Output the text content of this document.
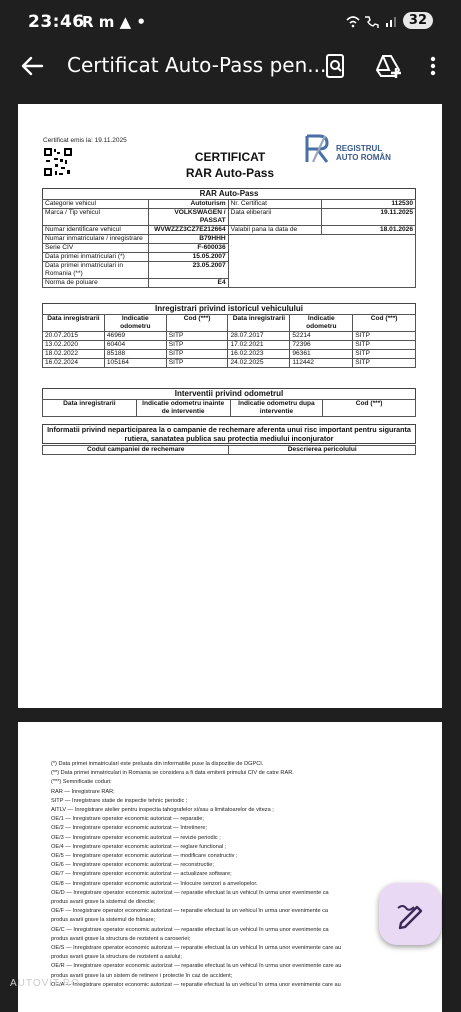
23:46
R ⅿ ▲ •	32
Certificat Auto-Pass pen...
Certificat emis la: 19.11.2025
CERTIFICAT
RAR Auto-Pass
REGISTRUL
AUTO ROMÂN
RAR Auto-Pass
Categorie vehicul	Autoturism	Nr. Certificat	112530
Marca / Tip vehicul	VOLKSWAGEN / PASSAT	Data eliberarii	19.11.2025
Numar identificare vehicul	WVWZZZ3CZ7E212664	Valabil pana la data de	18.01.2026
Numar inmatriculare / inregistrare	B79HHH		
Serie CIV	F-600036		
Data primei inmatriculari (*)	15.05.2007		
Data primei inmatriculari in Romania (**)	23.05.2007		
Norma de poluare	E4		
Inregistrari privind istoricul vehiculului
Data inregistrarii	Indicatie odometru	Cod (***)	Data inregistrarii	Indicatie odometru	Cod (***)
20.07.2015	46969	SITP	28.07.2017	52214	SITP
13.02.2020	60404	SITP	17.02.2021	72396	SITP
18.02.2022	85188	SITP	16.02.2023	96361	SITP
16.02.2024	105164	SITP	24.02.2025	112442	SITP
Interventii privind odometrul
Data inregistrarii	Indicatie odometru inainte de interventie	Indicatie odometru dupa interventie	Cod (***)
Informatii privind neparticiparea la o campanie de rechemare aferenta unui risc important pentru siguranta rutiera, sanatatea publica sau protectia mediului inconjurator
Codul campaniei de rechemare	Descrierea pericolului
(*) Data primei inmatriculari este preluata din informatiile puse la dispozitie de DGPCI.
(**) Data primei inmatriculari in Romania se considera a fi data emiterii primului CIV de catre RAR.
(***) Semnificatie coduri:
RAR — Inregistrare RAR;
SITP — Inregistrare statie de inspectie tehnic periodic ;
AITLV — Inregistrare atelier pentru inspectia tahografelor si/sau a limitatoarelor de viteza ;
OE/1 — Inregistrare operator economic autorizat — reparatie;
OE/2 — Inregistrare operator economic autorizat — întretinere;
OE/3 — Inregistrare operator economic autorizat — revizie periodic ;
OE/4 — Inregistrare operator economic autorizat — reglare functional ;
OE/5 — Inregistrare operator economic autorizat — modificare constructiv ;
OE/6 — Inregistrare operator economic autorizat — reconstructie;
OE/7 — Inregistrare operator economic autorizat — actualizare software;
OE/8 — Inregistrare operator economic autorizat — înlocuire senzori a anvelopelor.
OE/D — Inregistrare operator economic autorizat — reparatie efectuat la un vehicul în urma unor evenimente ca
produs avarii grave la sistemul de directie;
OE/F — Inregistrare operator economic autorizat — reparatie efectuat la un vehicul în urma unor evenimente ca
produs avarii grave la sistemul de frânare;
OE/C — Inregistrare operator economic autorizat — reparatie efectuat la un vehicul în urma unor evenimente ca
produs avarii grave la structura de rezistent a caroseriei;
OE/S — Inregistrare operator economic autorizat — reparatie efectuat la un vehicul în urma unor evenimente care au
produs avarii grave la structura de rezistent a asiului;
OE/R — Inregistrare operator economic autorizat — reparatie efectuat la un vehicul în urma unor evenimente care au
produs avarii grave la un sistem de retinere i protectie în caz de accident;
OE/A — Inregistrare operator economic autorizat — reparatie efectuat la un vehicul în urma unor evenimente care au
AUTOVIT.RO
